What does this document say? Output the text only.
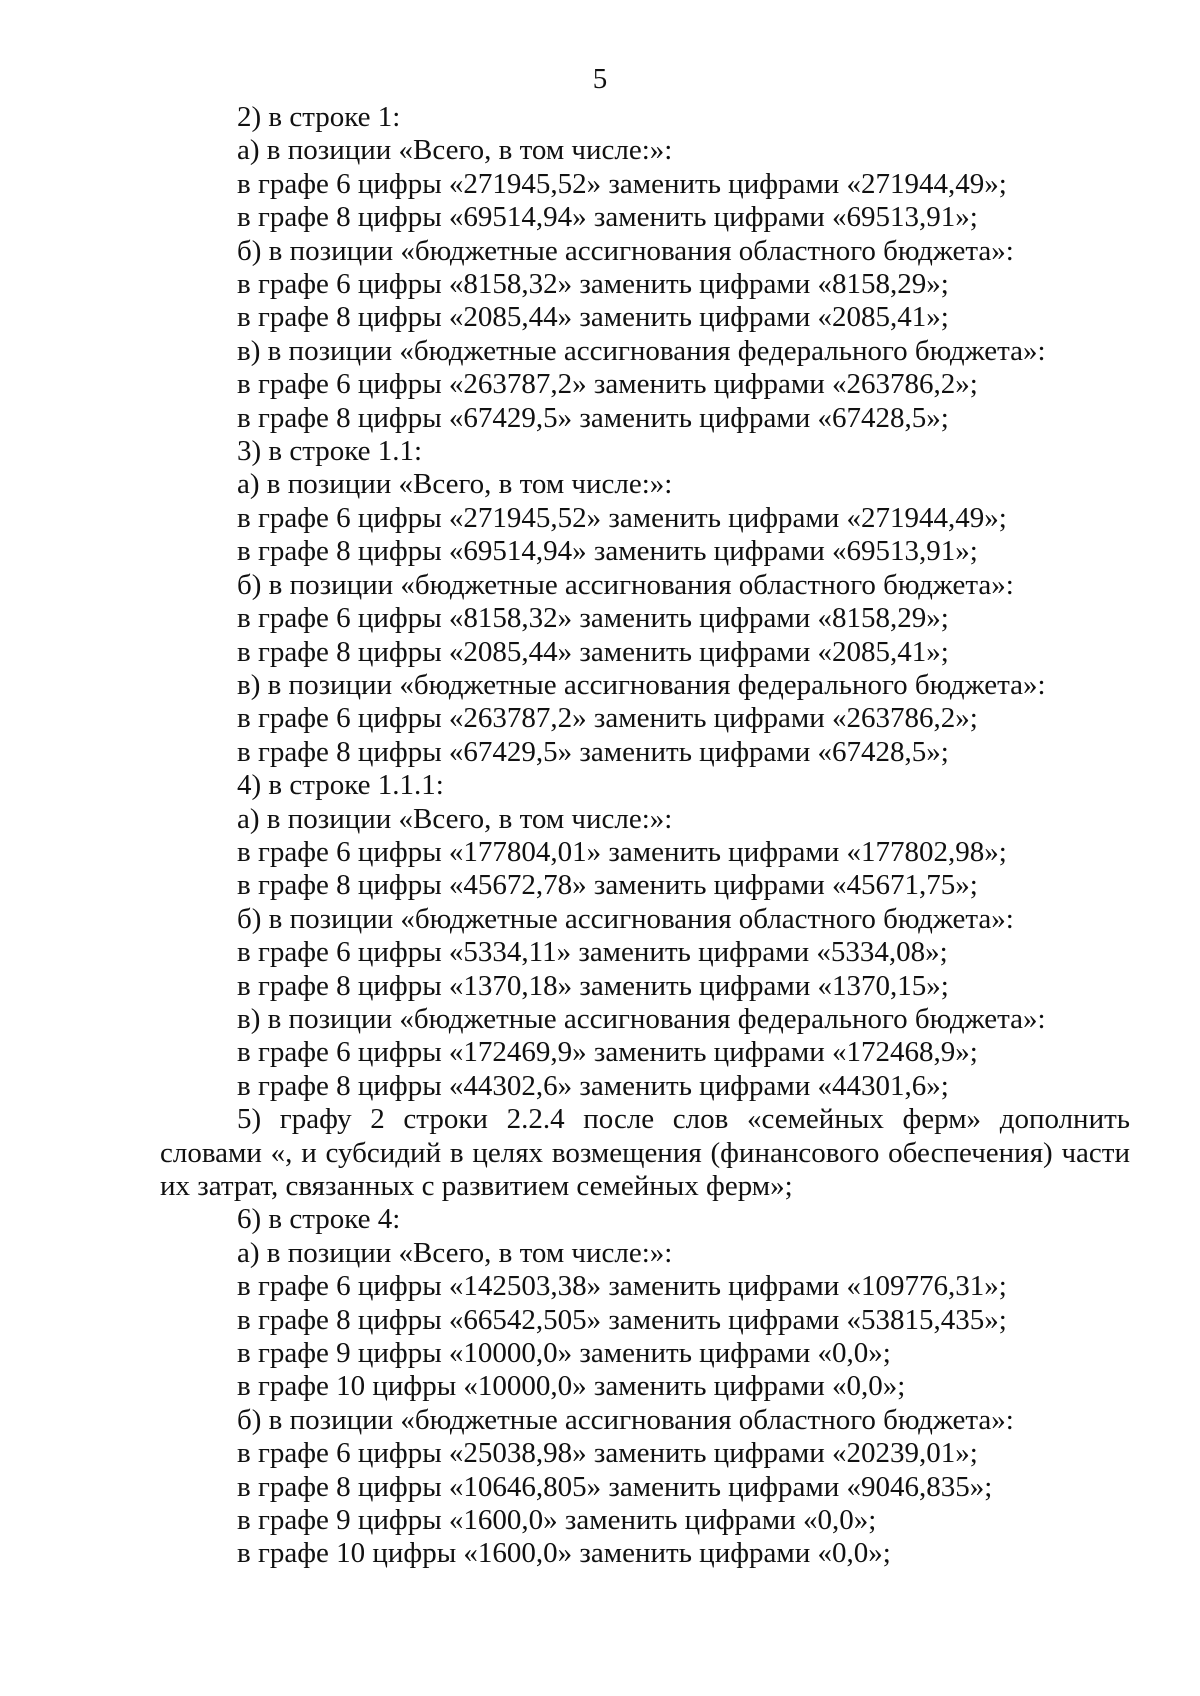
5
2) в строке 1:
а) в позиции «Всего, в том числе:»:
в графе 6 цифры «271945,52» заменить цифрами «271944,49»;
в графе 8 цифры «69514,94» заменить цифрами «69513,91»;
б) в позиции «бюджетные ассигнования областного бюджета»:
в графе 6 цифры «8158,32» заменить цифрами «8158,29»;
в графе 8 цифры «2085,44» заменить цифрами «2085,41»;
в) в позиции «бюджетные ассигнования федерального бюджета»:
в графе 6 цифры «263787,2» заменить цифрами «263786,2»;
в графе 8 цифры «67429,5» заменить цифрами «67428,5»;
3) в строке 1.1:
а) в позиции «Всего, в том числе:»:
в графе 6 цифры «271945,52» заменить цифрами «271944,49»;
в графе 8 цифры «69514,94» заменить цифрами «69513,91»;
б) в позиции «бюджетные ассигнования областного бюджета»:
в графе 6 цифры «8158,32» заменить цифрами «8158,29»;
в графе 8 цифры «2085,44» заменить цифрами «2085,41»;
в) в позиции «бюджетные ассигнования федерального бюджета»:
в графе 6 цифры «263787,2» заменить цифрами «263786,2»;
в графе 8 цифры «67429,5» заменить цифрами «67428,5»;
4) в строке 1.1.1:
а) в позиции «Всего, в том числе:»:
в графе 6 цифры «177804,01» заменить цифрами «177802,98»;
в графе 8 цифры «45672,78» заменить цифрами «45671,75»;
б) в позиции «бюджетные ассигнования областного бюджета»:
в графе 6 цифры «5334,11» заменить цифрами «5334,08»;
в графе 8 цифры «1370,18» заменить цифрами «1370,15»;
в) в позиции «бюджетные ассигнования федерального бюджета»:
в графе 6 цифры «172469,9» заменить цифрами «172468,9»;
в графе 8 цифры «44302,6» заменить цифрами «44301,6»;
5) графу 2 строки 2.2.4 после слов «семейных ферм» дополнить словами «, и субсидий в целях возмещения (финансового обеспечения) части их затрат, связанных с развитием семейных ферм»;
6) в строке 4:
а) в позиции «Всего, в том числе:»:
в графе 6 цифры «142503,38» заменить цифрами «109776,31»;
в графе 8 цифры «66542,505» заменить цифрами «53815,435»;
в графе 9 цифры «10000,0» заменить цифрами «0,0»;
в графе 10 цифры «10000,0» заменить цифрами «0,0»;
б) в позиции «бюджетные ассигнования областного бюджета»:
в графе 6 цифры «25038,98» заменить цифрами «20239,01»;
в графе 8 цифры «10646,805» заменить цифрами «9046,835»;
в графе 9 цифры «1600,0» заменить цифрами «0,0»;
в графе 10 цифры «1600,0» заменить цифрами «0,0»;
